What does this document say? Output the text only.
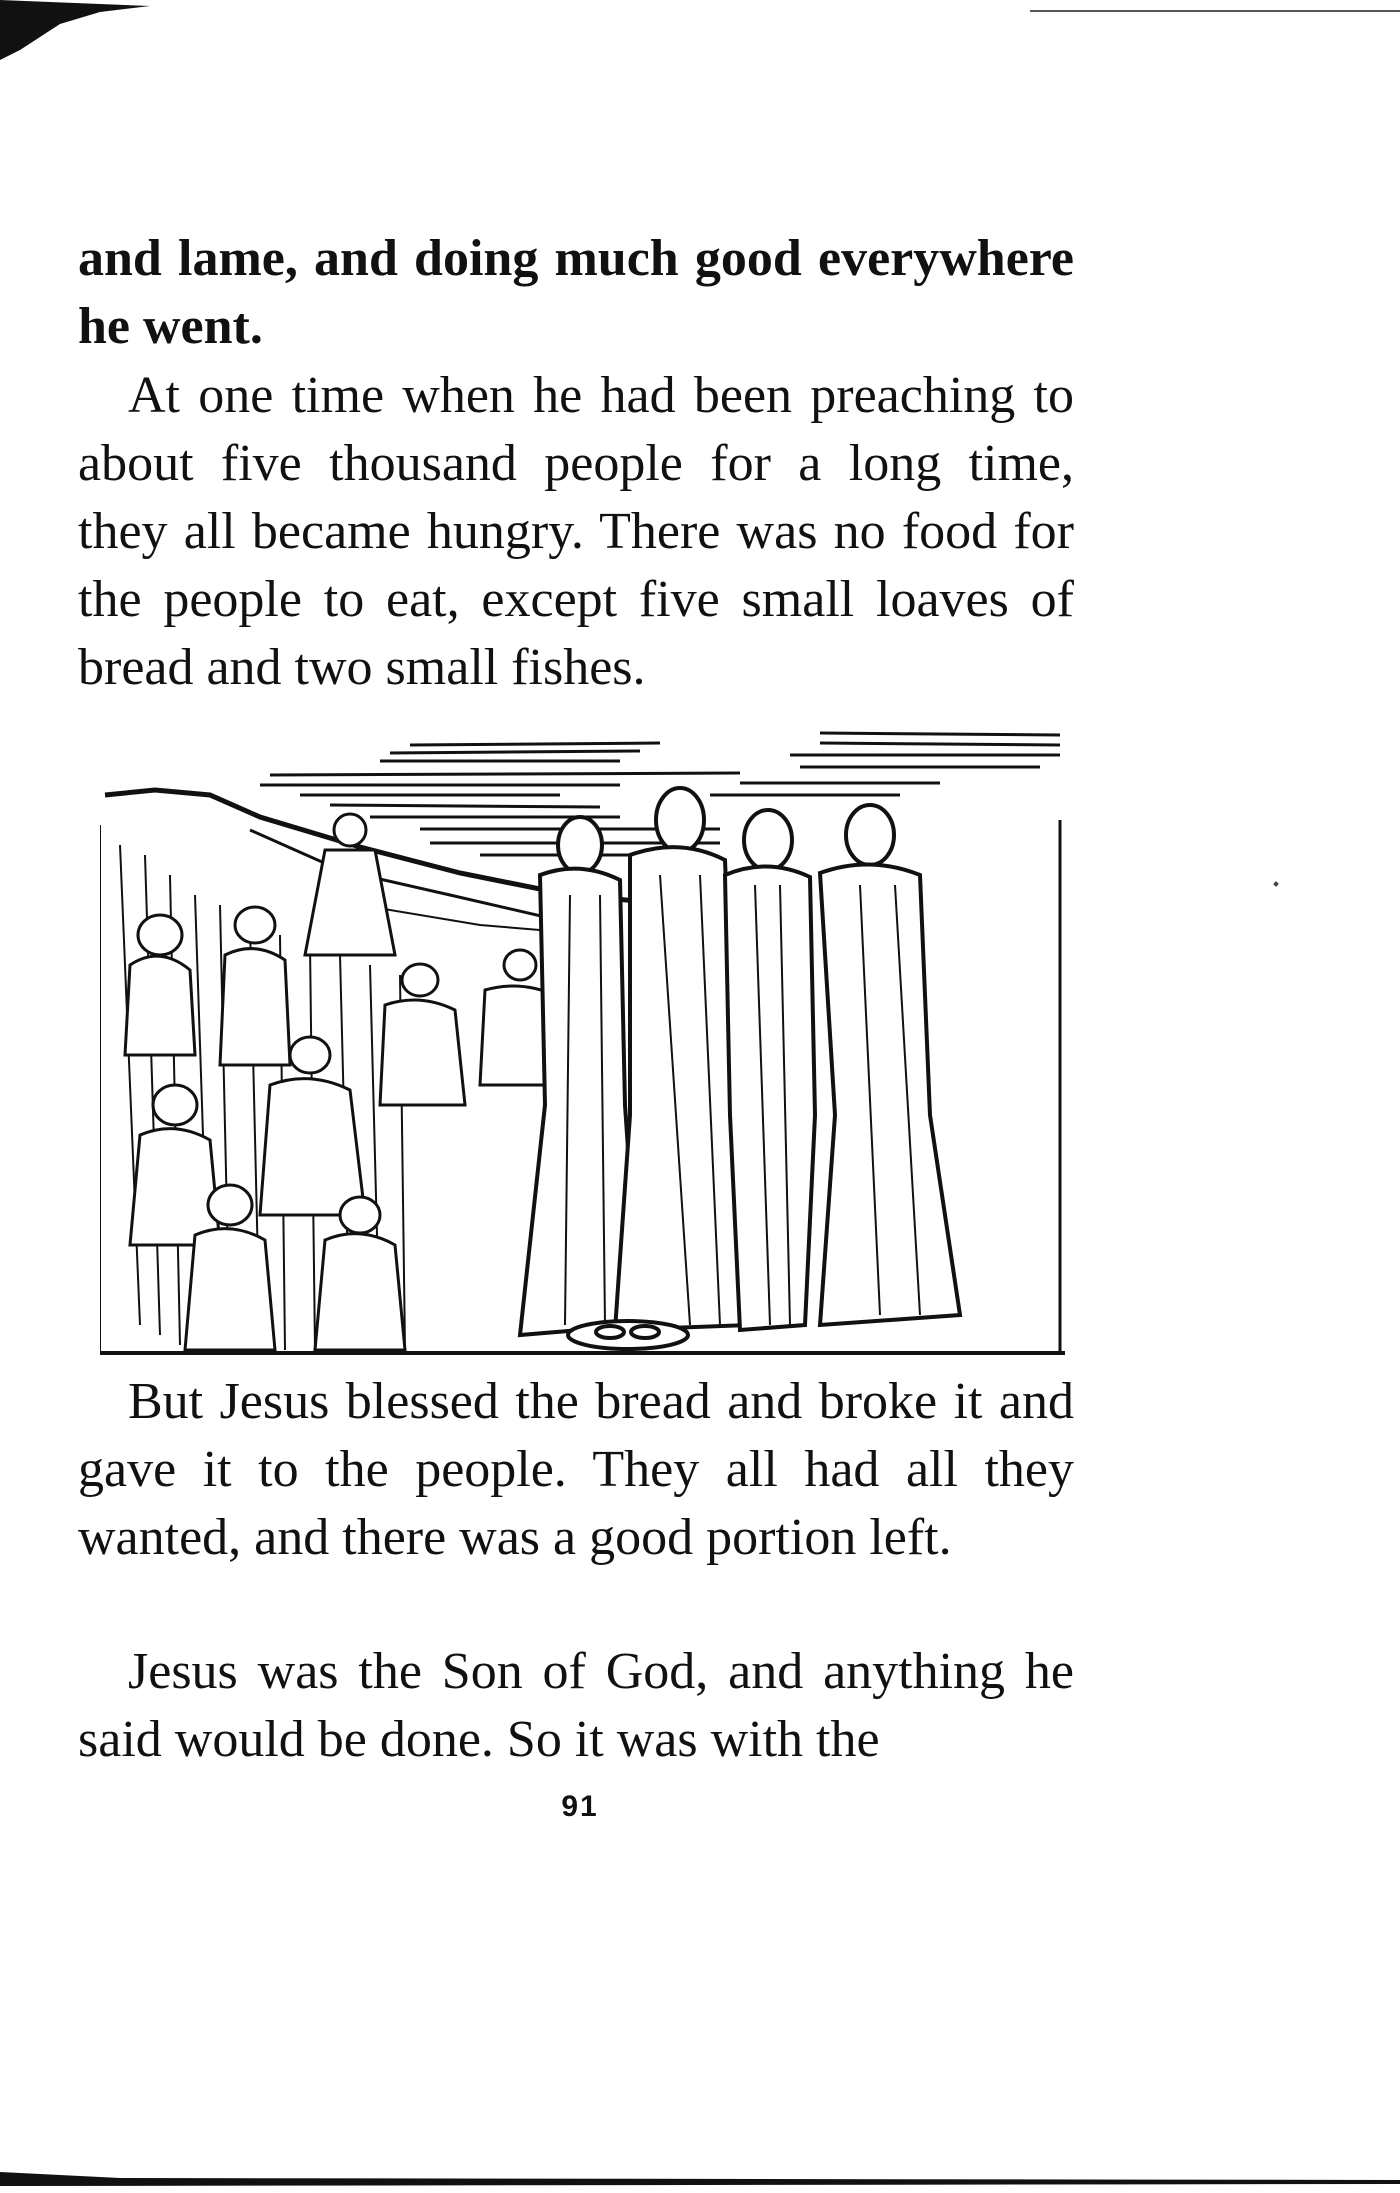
and lame, and doing much good everywhere he went.

At one time when he had been preaching to about five thousand people for a long time, they all became hungry. There was no food for the people to eat, except five small loaves of bread and two small fishes.

But Jesus blessed the bread and broke it and gave it to the people. They all had all they wanted, and there was a good portion left.

Jesus was the Son of God, and anything he said would be done. So it was with the

91
